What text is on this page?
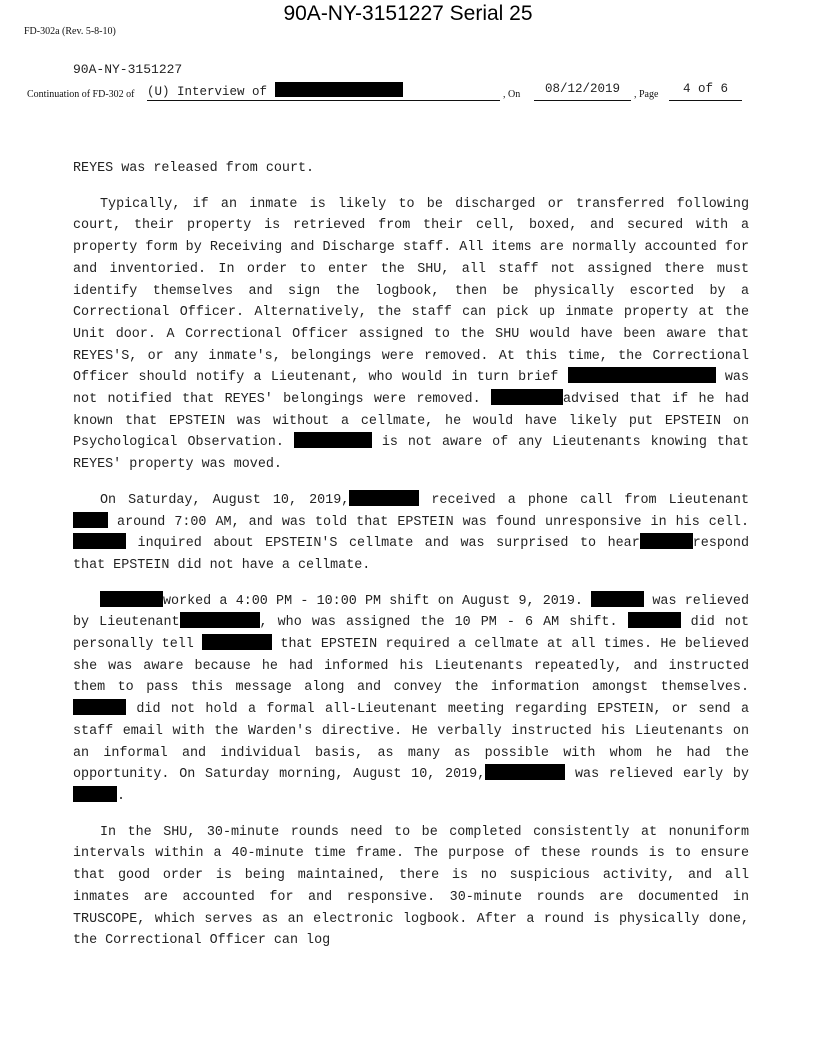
90A-NY-3151227 Serial 25
FD-302a (Rev. 5-8-10)
90A-NY-3151227
Continuation of FD-302 of (U) Interview of	, On	08/12/2019	, Page	4 of 6

REYES was released from court.

Typically, if an inmate is likely to be discharged or transferred following court, their property is retrieved from their cell, boxed, and secured with a property form by Receiving and Discharge staff. All items are normally accounted for and inventoried. In order to enter the SHU, all staff not assigned there must identify themselves and sign the logbook, then be physically escorted by a Correctional Officer. Alternatively, the staff can pick up inmate property at the Unit door. A Correctional Officer assigned to the SHU would have been aware that REYES'S, or any inmate's, belongings were removed. At this time, the Correctional Officer should notify a Lieutenant, who would in turn brief	was not notified that REYES' belongings were removed.	advised that if he had known that EPSTEIN was without a cellmate, he would have likely put EPSTEIN on Psychological Observation.	is not aware of any Lieutenants knowing that REYES' property was moved.

On Saturday, August 10, 2019,	received a phone call from Lieutenant  around 7:00 AM, and was told that EPSTEIN was found unresponsive in his cell.  inquired about EPSTEIN'S cellmate and was surprised to hear	respond that EPSTEIN did not have a cellmate.

worked a 4:00 PM - 10:00 PM shift on August 9, 2019.	was relieved by Lieutenant	, who was assigned the 10 PM - 6 AM shift.	did not personally tell	that EPSTEIN required a cellmate at all times. He believed she was aware because he had informed his Lieutenants repeatedly, and instructed them to pass this message along and convey the information amongst themselves.  did not hold a formal all-Lieutenant meeting regarding EPSTEIN, or send a staff email with the Warden's directive. He verbally instructed his Lieutenants on an informal and individual basis, as many as possible with whom he had the opportunity. On Saturday morning, August 10, 2019,	was relieved early by.

In the SHU, 30-minute rounds need to be completed consistently at nonuniform intervals within a 40-minute time frame. The purpose of these rounds is to ensure that good order is being maintained, there is no suspicious activity, and all inmates are accounted for and responsive. 30-minute rounds are documented in TRUSCOPE, which serves as an electronic logbook. After a round is physically done, the Correctional Officer can log
